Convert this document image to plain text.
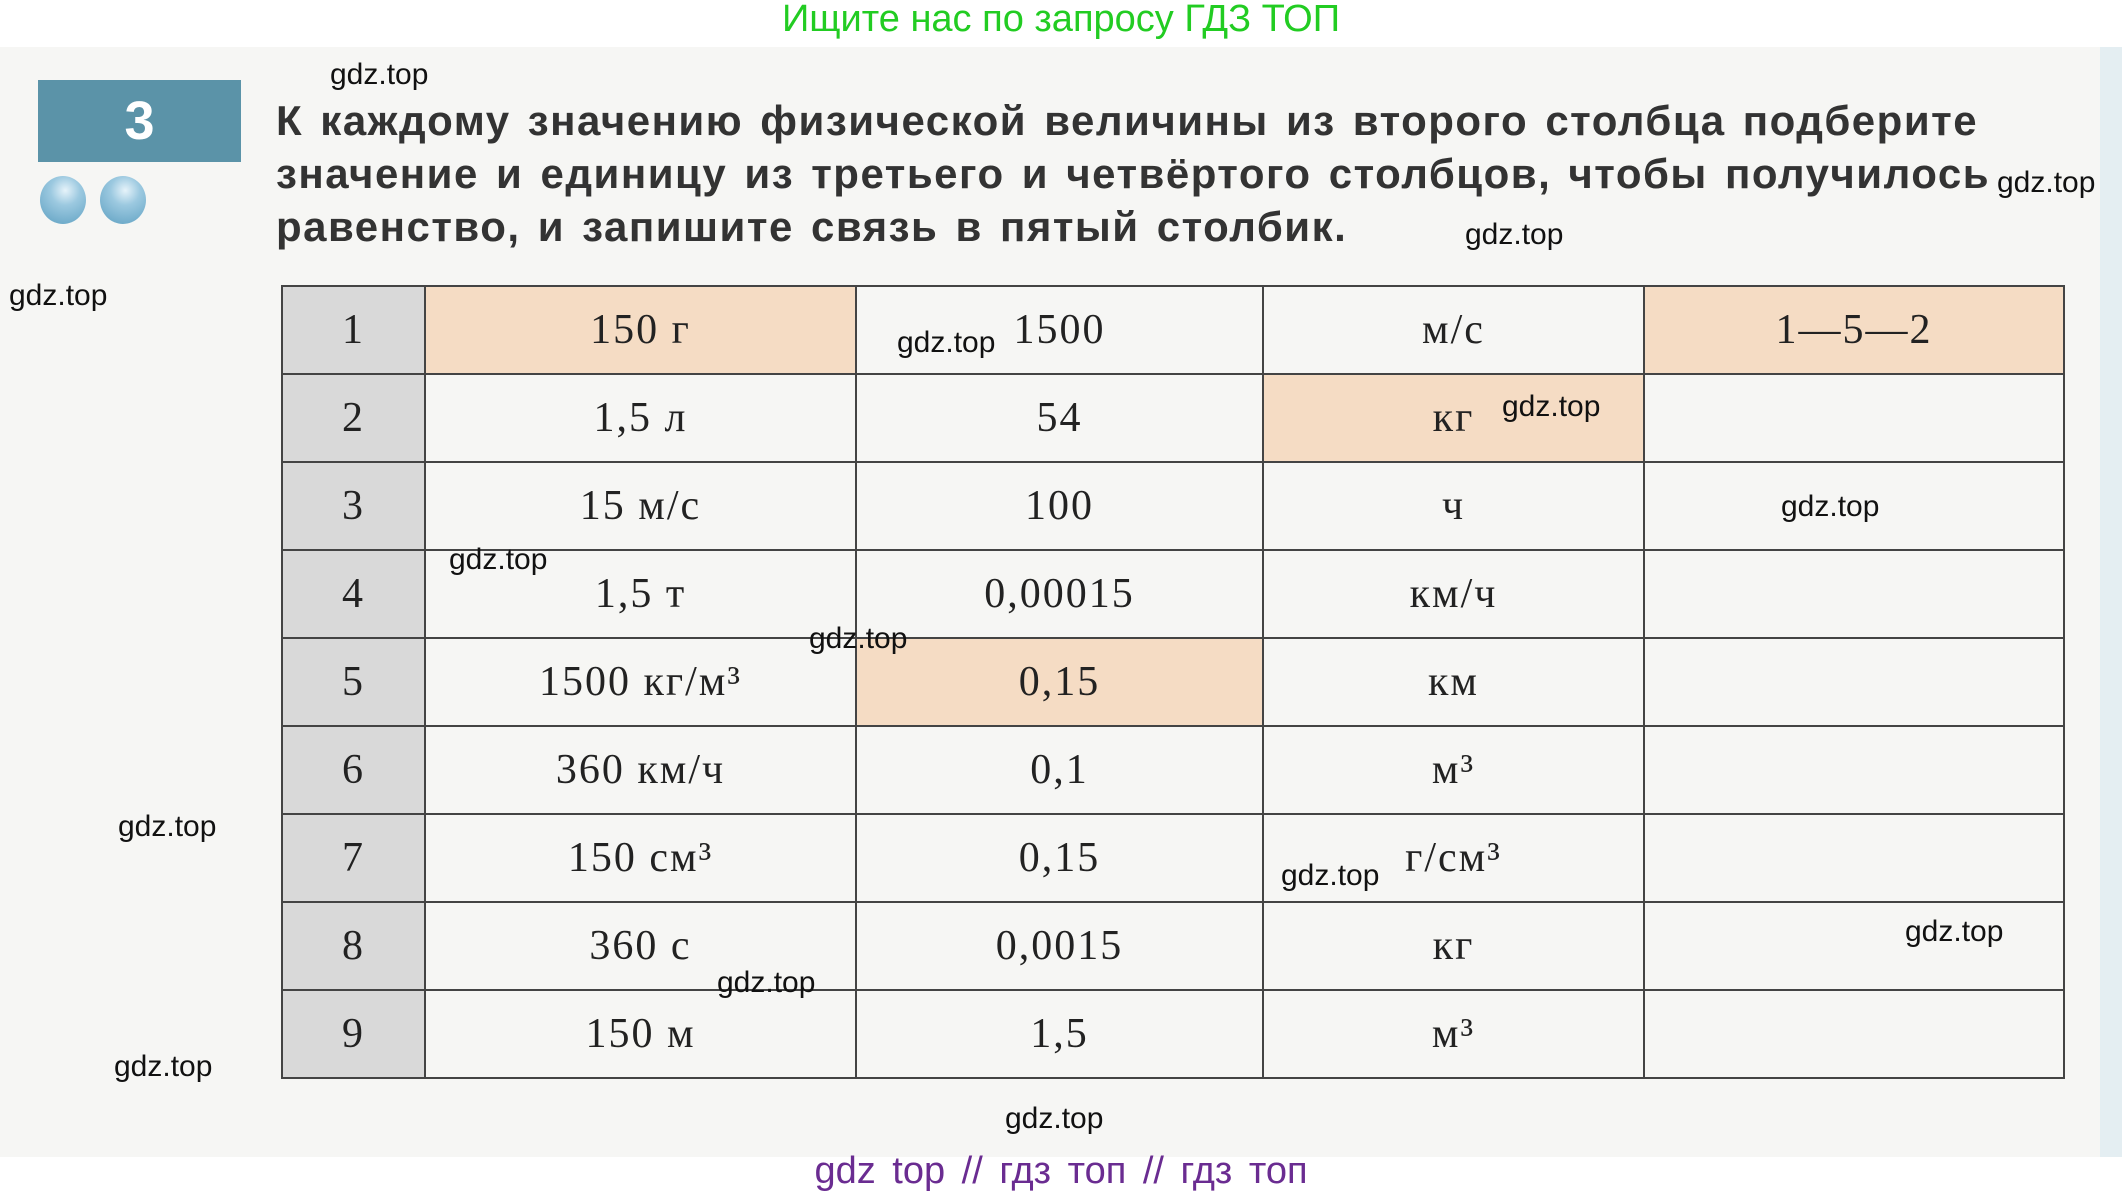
Ищите нас по запросу ГДЗ ТОП
3	К каждому значению физической величины из второго столбца подберите значение и единицу из третьего и четвёртого столбцов, чтобы получилось равенство, и запишите связь в пятый столбик.
1	150 г	1500	м/с	1—5—2
2	1,5 л	54	кг	
3	15 м/с	100	ч	
4	1,5 т	0,00015	км/ч	
5	1500 кг/м³	0,15	км	
6	360 км/ч	0,1	м³	
7	150 см³	0,15	г/см³	
8	360 с	0,0015	кг	
9	150 м	1,5	м³	
gdz.top
gdz.top
gdz.top
gdz.top
gdz.top
gdz.top
gdz.top
gdz.top
gdz.top
gdz.top
gdz.top
gdz.top
gdz.top
gdz.top
gdz.top
gdz top // гдз топ // гдз топ
